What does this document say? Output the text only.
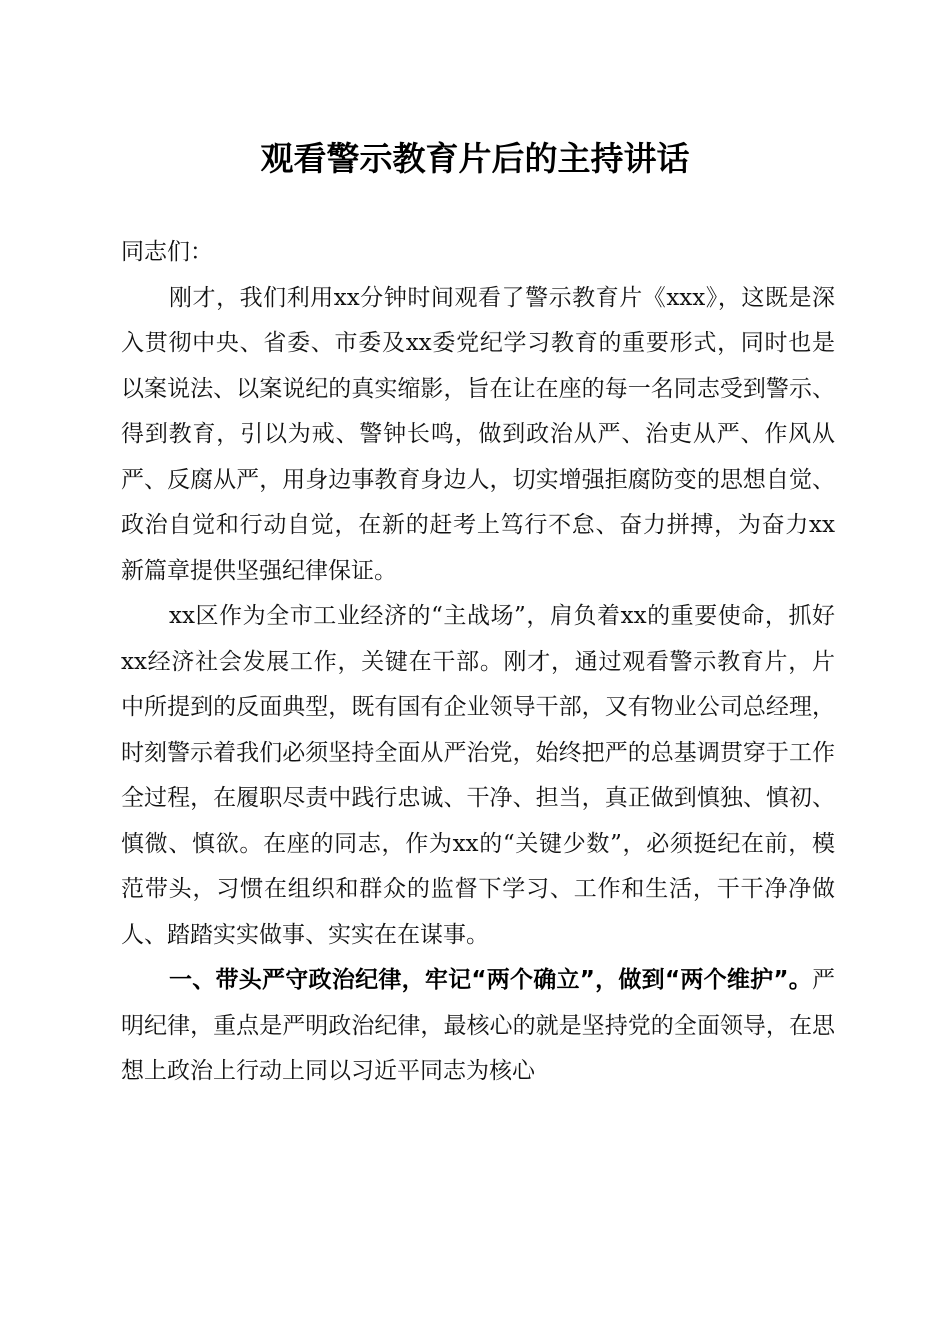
观看警示教育片后的主持讲话

同志们：

刚才，我们利用xx分钟时间观看了警示教育片《xxx》，这既是深入贯彻中央、省委、市委及xx委党纪学习教育的重要形式，同时也是以案说法、以案说纪的真实缩影，旨在让在座的每一名同志受到警示、得到教育，引以为戒、警钟长鸣，做到政治从严、治吏从严、作风从严、反腐从严，用身边事教育身边人，切实增强拒腐防变的思想自觉、政治自觉和行动自觉，在新的赶考上笃行不怠、奋力拼搏，为奋力xx新篇章提供坚强纪律保证。

xx区作为全市工业经济的“主战场”，肩负着xx的重要使命，抓好xx经济社会发展工作，关键在干部。刚才，通过观看警示教育片，片中所提到的反面典型，既有国有企业领导干部，又有物业公司总经理，时刻警示着我们必须坚持全面从严治党，始终把严的总基调贯穿于工作全过程，在履职尽责中践行忠诚、干净、担当，真正做到慎独、慎初、慎微、慎欲。在座的同志，作为xx的“关键少数”，必须挺纪在前，模范带头，习惯在组织和群众的监督下学习、工作和生活，干干净净做人、踏踏实实做事、实实在在谋事。

一、带头严守政治纪律，牢记“两个确立”，做到“两个维护”。严明纪律，重点是严明政治纪律，最核心的就是坚持党的全面领导，在思想上政治上行动上同以习近平同志为核心
